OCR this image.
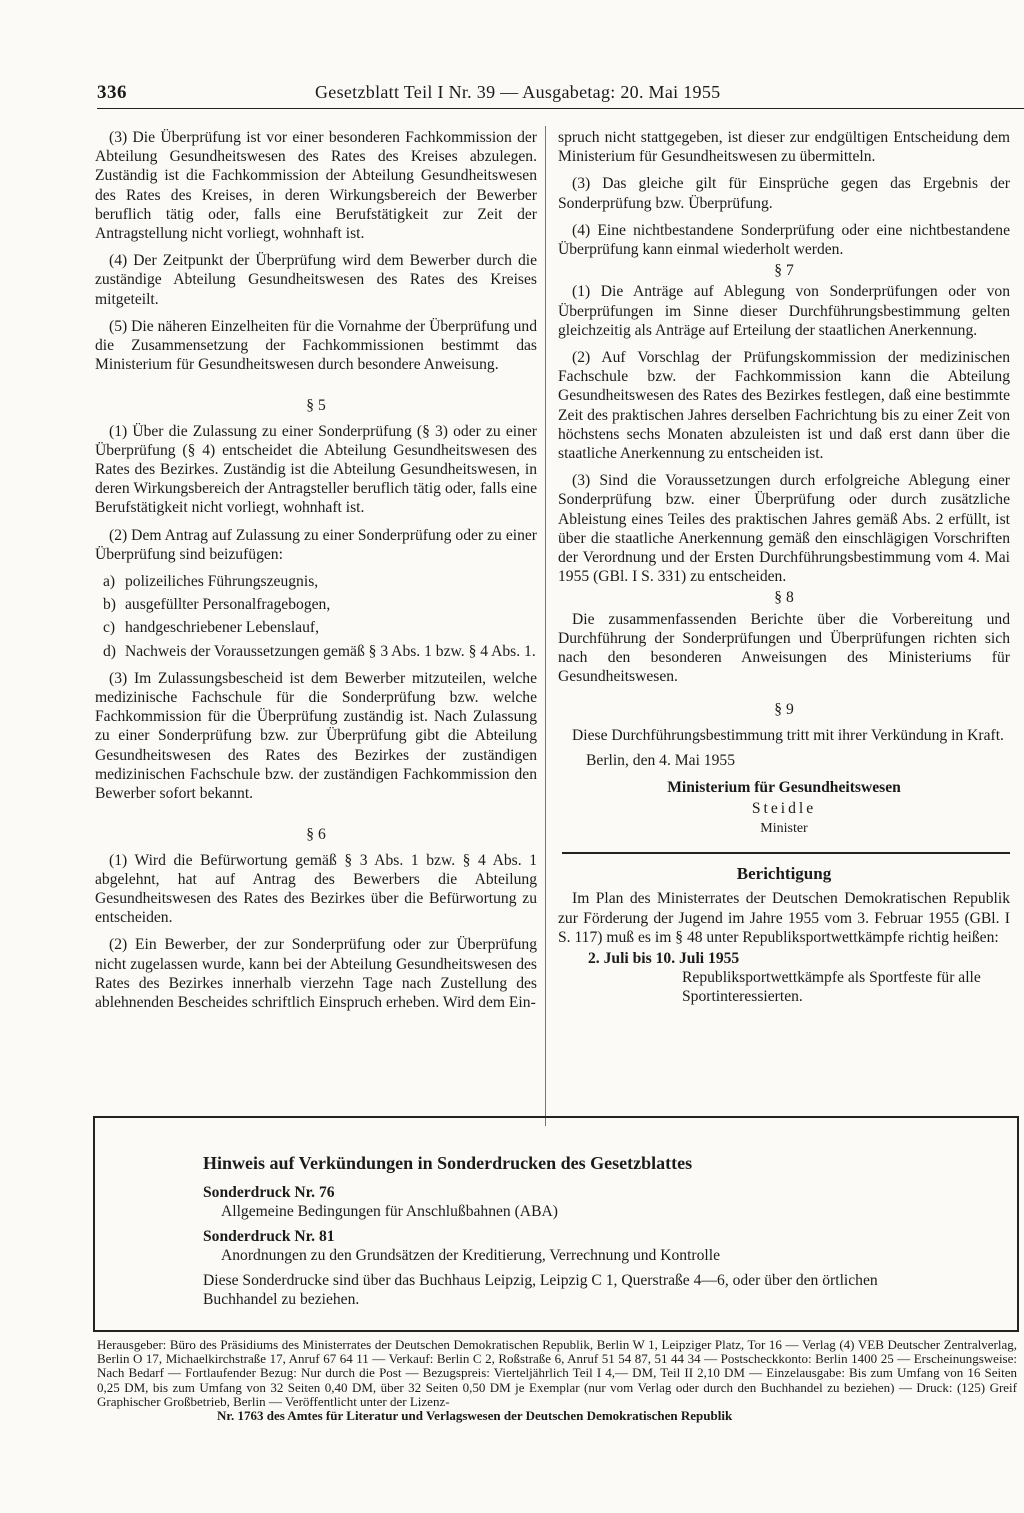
336	Gesetzblatt Teil I Nr. 39 — Ausgabetag: 20. Mai 1955

(3) Die Überprüfung ist vor einer besonderen Fachkommission der Abteilung Gesundheitswesen des Rates des Kreises abzulegen. Zuständig ist die Fachkommission der Abteilung Gesundheitswesen des Rates des Kreises, in deren Wirkungsbereich der Bewerber beruflich tätig oder, falls eine Berufstätigkeit zur Zeit der Antragstellung nicht vorliegt, wohnhaft ist.

(4) Der Zeitpunkt der Überprüfung wird dem Bewerber durch die zuständige Abteilung Gesundheitswesen des Rates des Kreises mitgeteilt.

(5) Die näheren Einzelheiten für die Vornahme der Überprüfung und die Zusammensetzung der Fachkommissionen bestimmt das Ministerium für Gesundheitswesen durch besondere Anweisung.

§ 5

(1) Über die Zulassung zu einer Sonderprüfung (§ 3) oder zu einer Überprüfung (§ 4) entscheidet die Abteilung Gesundheitswesen des Rates des Bezirkes. Zuständig ist die Abteilung Gesundheitswesen, in deren Wirkungsbereich der Antragsteller beruflich tätig oder, falls eine Berufstätigkeit nicht vorliegt, wohnhaft ist.

(2) Dem Antrag auf Zulassung zu einer Sonderprüfung oder zu einer Überprüfung sind beizufügen:

a) polizeiliches Führungszeugnis,
b) ausgefüllter Personalfragebogen,
c) handgeschriebener Lebenslauf,
d) Nachweis der Voraussetzungen gemäß § 3 Abs. 1 bzw. § 4 Abs. 1.

(3) Im Zulassungsbescheid ist dem Bewerber mitzuteilen, welche medizinische Fachschule für die Sonderprüfung bzw. welche Fachkommission für die Überprüfung zuständig ist. Nach Zulassung zu einer Sonderprüfung bzw. zur Überprüfung gibt die Abteilung Gesundheitswesen des Rates des Bezirkes der zuständigen medizinischen Fachschule bzw. der zuständigen Fachkommission den Bewerber sofort bekannt.

§ 6

(1) Wird die Befürwortung gemäß § 3 Abs. 1 bzw. § 4 Abs. 1 abgelehnt, hat auf Antrag des Bewerbers die Abteilung Gesundheitswesen des Rates des Bezirkes über die Befürwortung zu entscheiden.

(2) Ein Bewerber, der zur Sonderprüfung oder zur Überprüfung nicht zugelassen wurde, kann bei der Abteilung Gesundheitswesen des Rates des Bezirkes innerhalb vierzehn Tage nach Zustellung des ablehnenden Bescheides schriftlich Einspruch erheben. Wird dem Ein-

spruch nicht stattgegeben, ist dieser zur endgültigen Entscheidung dem Ministerium für Gesundheitswesen zu übermitteln.

(3) Das gleiche gilt für Einsprüche gegen das Ergebnis der Sonderprüfung bzw. Überprüfung.

(4) Eine nichtbestandene Sonderprüfung oder eine nichtbestandene Überprüfung kann einmal wiederholt werden.

§ 7

(1) Die Anträge auf Ablegung von Sonderprüfungen oder von Überprüfungen im Sinne dieser Durchführungsbestimmung gelten gleichzeitig als Anträge auf Erteilung der staatlichen Anerkennung.

(2) Auf Vorschlag der Prüfungskommission der medizinischen Fachschule bzw. der Fachkommission kann die Abteilung Gesundheitswesen des Rates des Bezirkes festlegen, daß eine bestimmte Zeit des praktischen Jahres derselben Fachrichtung bis zu einer Zeit von höchstens sechs Monaten abzuleisten ist und daß erst dann über die staatliche Anerkennung zu entscheiden ist.

(3) Sind die Voraussetzungen durch erfolgreiche Ablegung einer Sonderprüfung bzw. einer Überprüfung oder durch zusätzliche Ableistung eines Teiles des praktischen Jahres gemäß Abs. 2 erfüllt, ist über die staatliche Anerkennung gemäß den einschlägigen Vorschriften der Verordnung und der Ersten Durchführungsbestimmung vom 4. Mai 1955 (GBl. I S. 331) zu entscheiden.

§ 8

Die zusammenfassenden Berichte über die Vorbereitung und Durchführung der Sonderprüfungen und Überprüfungen richten sich nach den besonderen Anweisungen des Ministeriums für Gesundheitswesen.

§ 9

Diese Durchführungsbestimmung tritt mit ihrer Verkündung in Kraft.

Berlin, den 4. Mai 1955
Ministerium für Gesundheitswesen
Steidle
Minister
Berichtigung

Im Plan des Ministerrates der Deutschen Demokratischen Republik zur Förderung der Jugend im Jahre 1955 vom 3. Februar 1955 (GBl. I S. 117) muß es im § 48 unter Republiksportwettkämpfe richtig heißen:

2. Juli bis 10. Juli 1955
Republiksportwettkämpfe als Sportfeste für alle Sportinteressierten.
Hinweis auf Verkündungen in Sonderdrucken des Gesetzblattes
Sonderdruck Nr. 76
Allgemeine Bedingungen für Anschlußbahnen (ABA)
Sonderdruck Nr. 81
Anordnungen zu den Grundsätzen der Kreditierung, Verrechnung und Kontrolle
Diese Sonderdrucke sind über das Buchhaus Leipzig, Leipzig C 1, Querstraße 4—6, oder über den örtlichen Buchhandel zu beziehen.
Herausgeber: Büro des Präsidiums des Ministerrates der Deutschen Demokratischen Republik, Berlin W 1, Leipziger Platz, Tor 16 — Verlag (4) VEB Deutscher Zentralverlag, Berlin O 17, Michaelkirchstraße 17, Anruf 67 64 11 — Verkauf: Berlin C 2, Roßstraße 6, Anruf 51 54 87, 51 44 34 — Postscheckkonto: Berlin 1400 25 — Erscheinungsweise: Nach Bedarf — Fortlaufender Bezug: Nur durch die Post — Bezugspreis: Vierteljährlich Teil I 4,— DM, Teil II 2,10 DM — Einzelausgabe: Bis zum Umfang von 16 Seiten 0,25 DM, bis zum Umfang von 32 Seiten 0,40 DM, über 32 Seiten 0,50 DM je Exemplar (nur vom Verlag oder durch den Buchhandel zu beziehen) — Druck: (125) Greif Graphischer Großbetrieb, Berlin — Veröffentlicht unter der Lizenz-
Nr. 1763 des Amtes für Literatur und Verlagswesen der Deutschen Demokratischen Republik
